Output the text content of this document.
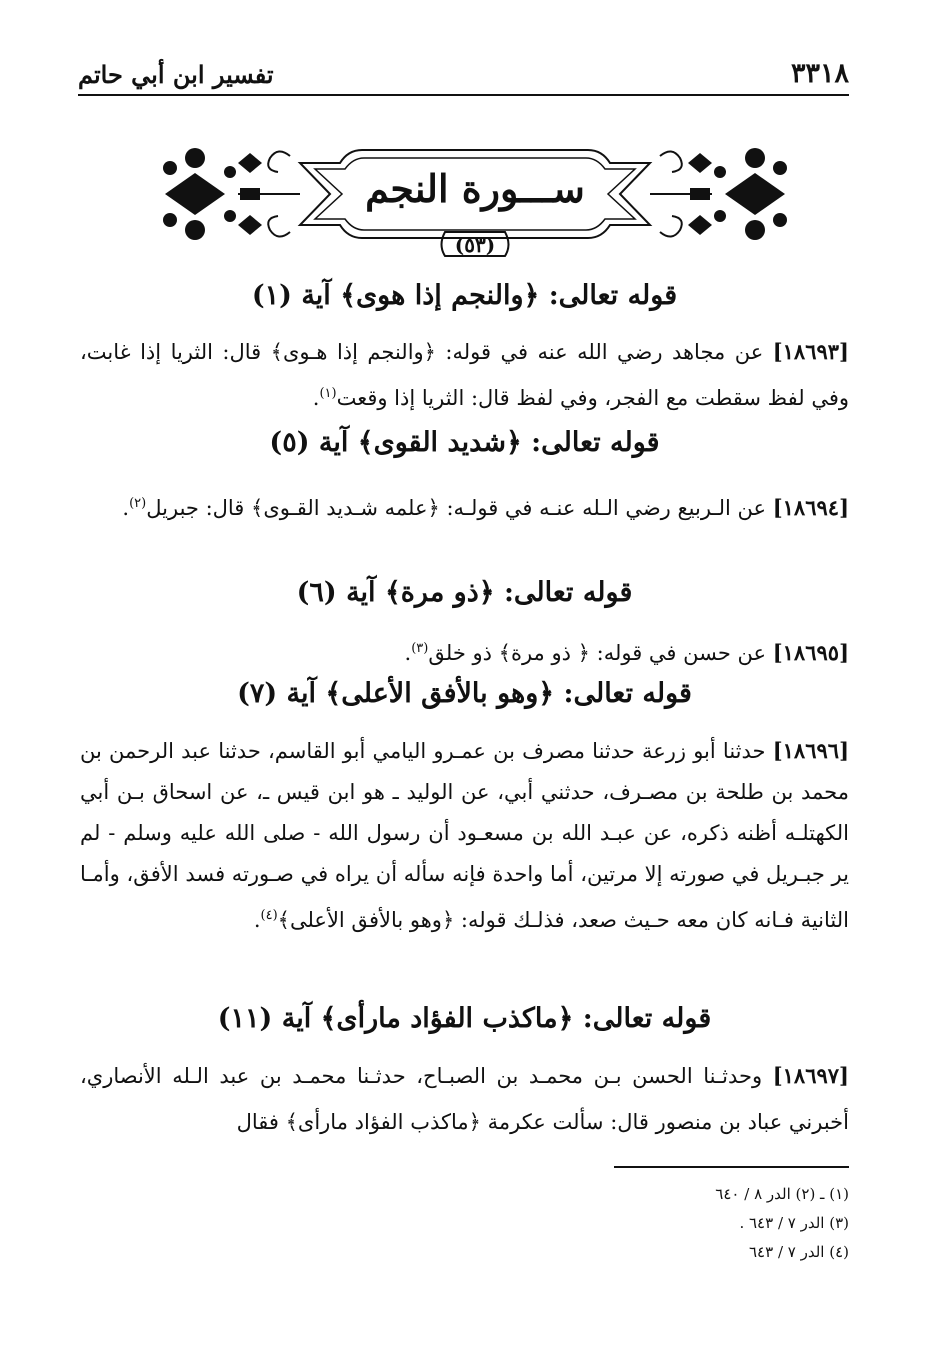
٣٣١٨
تفسير ابن أبي حاتم
ســـورة النجم
(٥٣)
قوله تعالى: ﴿والنجم إذا هوى﴾ آية (١)
[١٨٦٩٣] عن مجاهد رضي الله عنه في قوله: ﴿والنجم إذا هـوى﴾ قال: الثريا إذا غابت، وفي لفظ سقطت مع الفجر، وفي لفظ قال: الثريا إذا وقعت$^{(١)}$.
قوله تعالى: ﴿شديد القوى﴾ آية (٥)
[١٨٦٩٤] عن الـربيع رضي الـله عنـه في قولـه: ﴿علمه شـديد القـوى﴾ قال: جبريل$^{(٢)}$.
قوله تعالى: ﴿ذو مرة﴾ آية (٦)
[١٨٦٩٥] عن حسن في قوله: ﴿ ذو مرة﴾ ذو خلق$^{(٣)}$.
قوله تعالى: ﴿وهو بالأفق الأعلى﴾ آية (٧)
[١٨٦٩٦] حدثنا أبو زرعة حدثنا مصرف بن عمـرو اليامي أبو القاسم، حدثنا عبد الرحمن بن محمد بن طلحة بن مصـرف، حدثني أبي، عن الوليد ـ هو ابن قيس ـ، عن اسحاق بـن أبي الكهتلـه أظنه ذكره، عن عبـد الله بن مسعـود أن رسول الله - صلى الله عليه وسلم - لم ير جبـريل في صورته إلا مرتين، أما واحدة فإنه سأله أن يراه في صـورته فسد الأفق، وأمـا الثانية فـانه كان معه حـيث صعد، فذلـك قوله: ﴿وهو بالأفق الأعلى﴾$^{(٤)}$.
قوله تعالى: ﴿ماكذب الفؤاد مارأى﴾ آية (١١)
[١٨٦٩٧] وحدثـنا الحسن بـن محمـد بن الصبـاح، حدثـنا محمـد بن عبد الـله الأنصاري، أخبرني عباد بن منصور قال: سألت عكرمة ﴿ماكذب الفؤاد مارأى﴾ فقال
(١) ـ (٢) الدر ٨ / ٦٤٠
(٣) الدر ٧ / ٦٤٣ .
(٤) الدر ٧ / ٦٤٣
